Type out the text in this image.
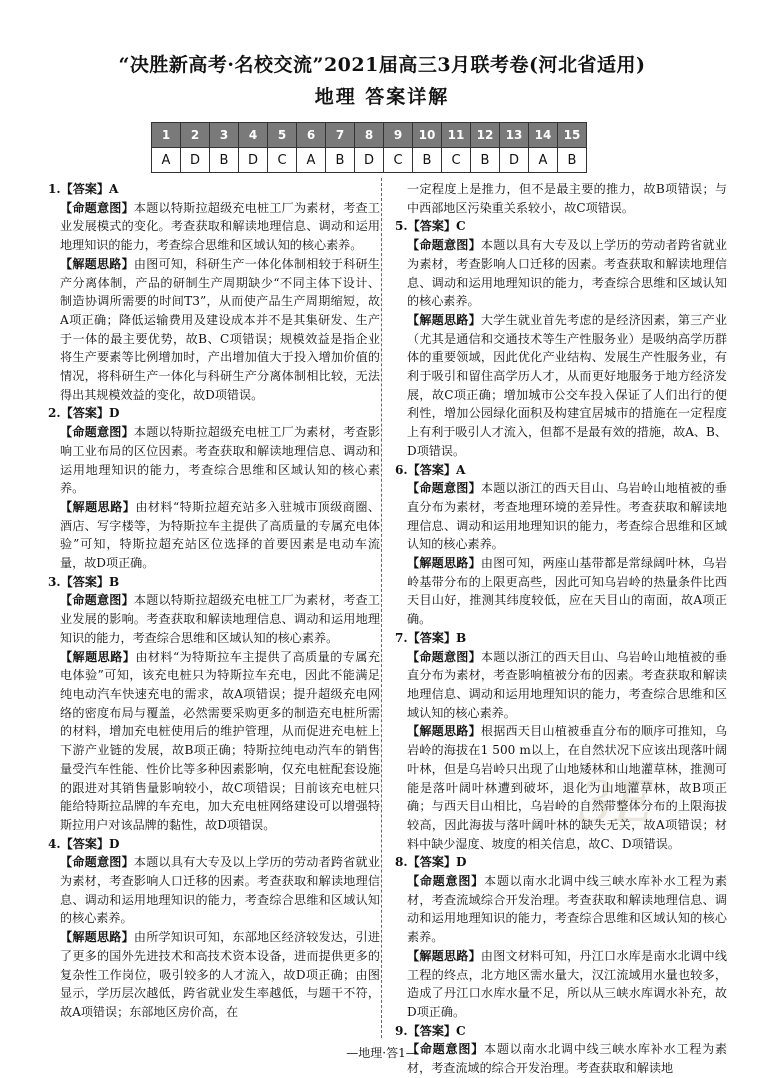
“决胜新高考·名校交流”2021届高三3月联考卷(河北省适用)
地理 答案详解
1	2	3	4	5	6	7	8	9	10	11	12	13	14	15
A	D	B	D	C	A	B	D	C	B	C	B	D	A	B
1.【答案】A

【命题意图】本题以特斯拉超级充电桩工厂为素材，考查工业发展模式的变化。考查获取和解读地理信息、调动和运用地理知识的能力，考查综合思维和区域认知的核心素养。

【解题思路】由图可知，科研生产一体化体制相较于科研生产分离体制，产品的研制生产周期缺少“不同主体下设计、制造协调所需要的时间T3”，从而使产品生产周期缩短，故A项正确；降低运输费用及建设成本并不是其集研发、生产于一体的最主要优势，故B、C项错误；规模效益是指企业将生产要素等比例增加时，产出增加值大于投入增加价值的情况，将科研生产一体化与科研生产分离体制相比较，无法得出其规模效益的变化，故D项错误。

2.【答案】D

【命题意图】本题以特斯拉超级充电桩工厂为素材，考查影响工业布局的区位因素。考查获取和解读地理信息、调动和运用地理知识的能力，考查综合思维和区域认知的核心素养。

【解题思路】由材料“特斯拉超充站多入驻城市顶级商圈、酒店、写字楼等，为特斯拉车主提供了高质量的专属充电体验”可知，特斯拉超充站区位选择的首要因素是电动车流量，故D项正确。

3.【答案】B

【命题意图】本题以特斯拉超级充电桩工厂为素材，考查工业发展的影响。考查获取和解读地理信息、调动和运用地理知识的能力，考查综合思维和区域认知的核心素养。

【解题思路】由材料“为特斯拉车主提供了高质量的专属充电体验”可知，该充电桩只为特斯拉车充电，因此不能满足纯电动汽车快速充电的需求，故A项错误；提升超级充电网络的密度布局与覆盖，必然需要采购更多的制造充电桩所需的材料，增加充电桩使用后的维护管理，从而促进充电桩上下游产业链的发展，故B项正确；特斯拉纯电动汽车的销售量受汽车性能、性价比等多种因素影响，仅充电桩配套设施的跟进对其销售量影响较小，故C项错误；目前该充电桩只能给特斯拉品牌的车充电，加大充电桩网络建设可以增强特斯拉用户对该品牌的黏性，故D项错误。

4.【答案】D

【命题意图】本题以具有大专及以上学历的劳动者跨省就业为素材，考查影响人口迁移的因素。考查获取和解读地理信息、调动和运用地理知识的能力，考查综合思维和区域认知的核心素养。

【解题思路】由所学知识可知，东部地区经济较发达，引进了更多的国外先进技术和高技术资本设备，进而提供更多的复杂性工作岗位，吸引较多的人才流入，故D项正确；由图显示，学历层次越低，跨省就业发生率越低，与题干不符，故A项错误；东部地区房价高，在

一定程度上是推力，但不是最主要的推力，故B项错误；与中西部地区污染重关系较小，故C项错误。

5.【答案】C

【命题意图】本题以具有大专及以上学历的劳动者跨省就业为素材，考查影响人口迁移的因素。考查获取和解读地理信息、调动和运用地理知识的能力，考查综合思维和区域认知的核心素养。

【解题思路】大学生就业首先考虑的是经济因素，第三产业（尤其是通信和交通技术等生产性服务业）是吸纳高学历群体的重要领域，因此优化产业结构、发展生产性服务业，有利于吸引和留住高学历人才，从而更好地服务于地方经济发展，故C项正确；增加城市公交车投入保证了人们出行的便利性，增加公园绿化面积及构建宜居城市的措施在一定程度上有利于吸引人才流入，但都不是最有效的措施，故A、B、D项错误。

6.【答案】A

【命题意图】本题以浙江的西天目山、乌岩岭山地植被的垂直分布为素材，考查地理环境的差异性。考查获取和解读地理信息、调动和运用地理知识的能力，考查综合思维和区域认知的核心素养。

【解题思路】由图可知，两座山基带都是常绿阔叶林，乌岩岭基带分布的上限更高些，因此可知乌岩岭的热量条件比西天目山好，推测其纬度较低，应在天目山的南面，故A项正确。

7.【答案】B

【命题意图】本题以浙江的西天目山、乌岩岭山地植被的垂直分布为素材，考查影响植被分布的因素。考查获取和解读地理信息、调动和运用地理知识的能力，考查综合思维和区域认知的核心素养。

【解题思路】根据西天目山植被垂直分布的顺序可推知，乌岩岭的海拔在1 500 m以上，在自然状况下应该出现落叶阔叶林，但是乌岩岭只出现了山地矮林和山地灌草林，推测可能是落叶阔叶林遭到破坏，退化为山地灌草林，故B项正确；与西天目山相比，乌岩岭的自然带整体分布的上限海拔较高，因此海拔与落叶阔叶林的缺失无关，故A项错误；材料中缺少湿度、坡度的相关信息，故C、D项错误。

8.【答案】D

【命题意图】本题以南水北调中线三峡水库补水工程为素材，考查流域综合开发治理。考查获取和解读地理信息、调动和运用地理知识的能力，考查综合思维和区域认知的核心素养。

【解题思路】由图文材料可知，丹江口水库是南水北调中线工程的终点，北方地区需水量大，汉江流域用水量也较多，造成了丹江口水库水量不足，所以从三峡水库调水补充，故D项正确。

9.【答案】C

【命题意图】本题以南水北调中线三峡水库补水工程为素材，考查流域的综合开发治理。考查获取和解读地

3E
—地理·答1—
